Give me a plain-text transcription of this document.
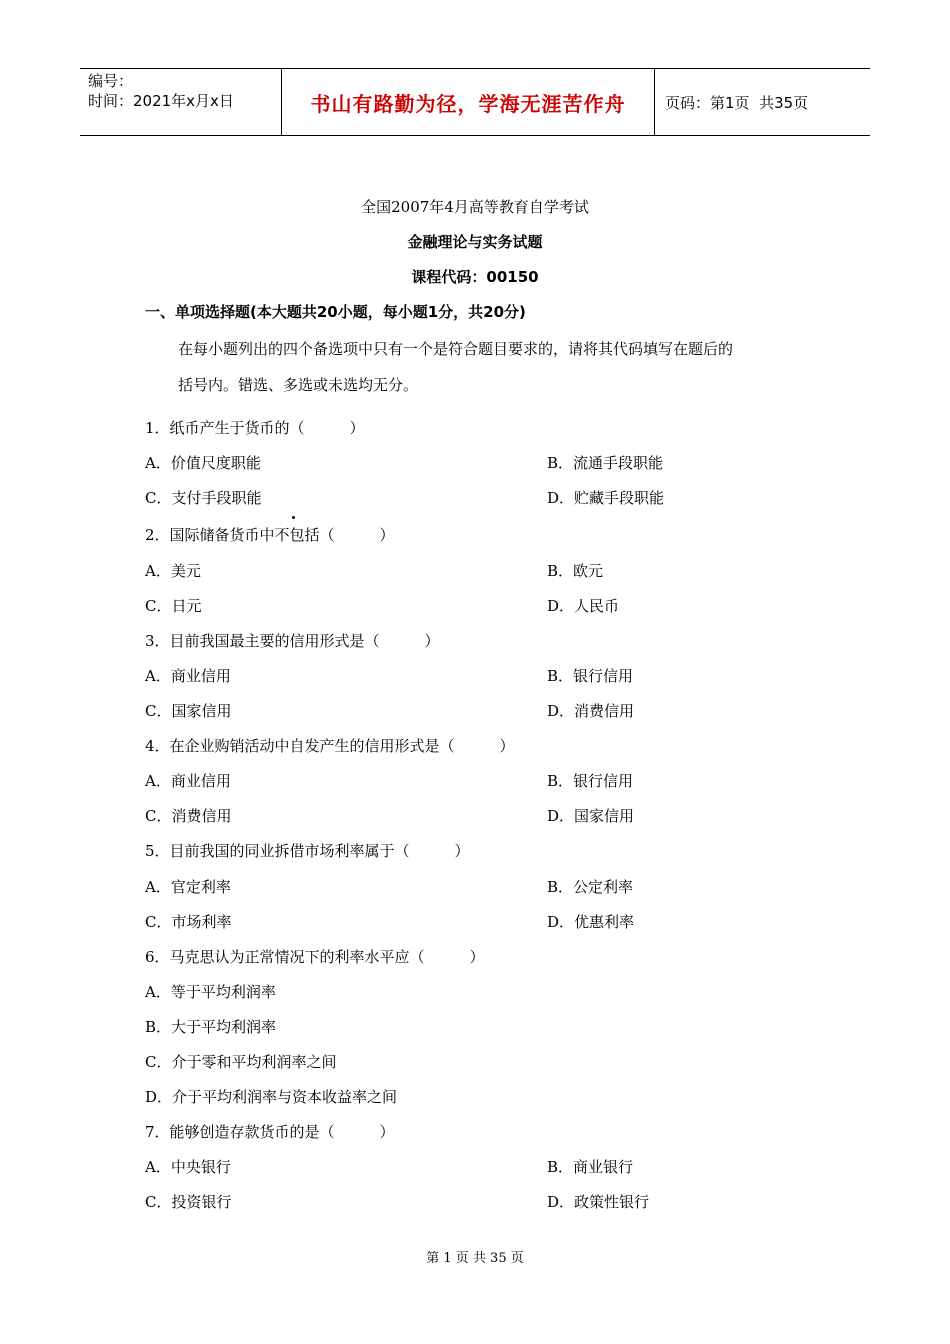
编号：
时间：2021年x月x日	书山有路勤为径，学海无涯苦作舟	页码：第1页  共35页
全国2007年4月高等教育自学考试
金融理论与实务试题
课程代码：00150
一、单项选择题(本大题共20小题，每小题1分，共20分)
在每小题列出的四个备选项中只有一个是符合题目要求的，请将其代码填写在题后的
括号内。错选、多选或未选均无分。
1．纸币产生于货币的（　　　）
A．价值尺度职能	B．流通手段职能
C．支付手段职能	D．贮藏手段职能
2．国际储备货币中不包括（　　　）
A．美元	B．欧元
C．日元	D．人民币
3．目前我国最主要的信用形式是（　　　）
A．商业信用	B．银行信用
C．国家信用	D．消费信用
4．在企业购销活动中自发产生的信用形式是（　　　）
A．商业信用	B．银行信用
C．消费信用	D．国家信用
5．目前我国的同业拆借市场利率属于（　　　）
A．官定利率	B．公定利率
C．市场利率	D．优惠利率
6．马克思认为正常情况下的利率水平应（　　　）
A．等于平均利润率
B．大于平均利润率
C．介于零和平均利润率之间
D．介于平均利润率与资本收益率之间
7．能够创造存款货币的是（　　　）
A．中央银行	B．商业银行
C．投资银行	D．政策性银行
第 1 页 共 35 页
